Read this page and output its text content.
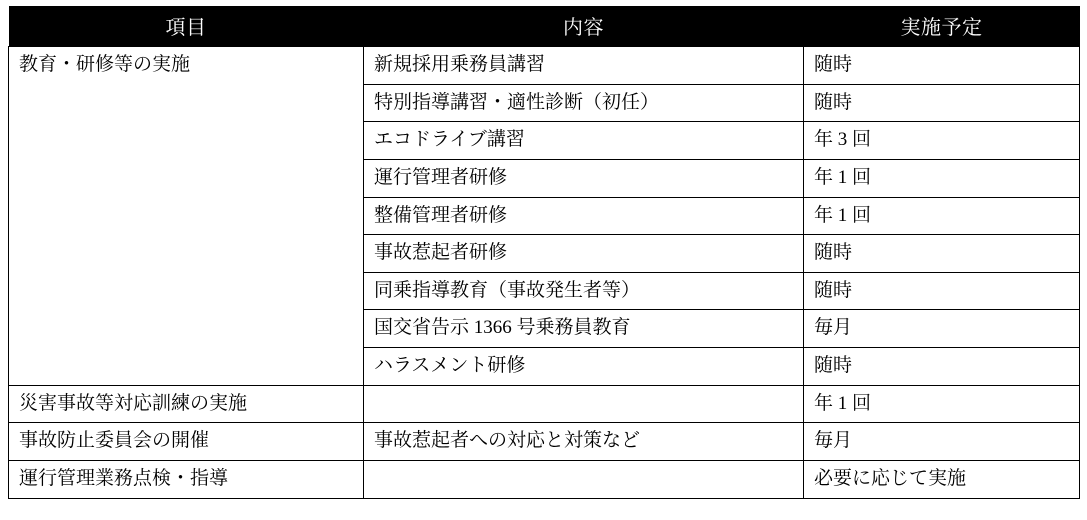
項目	内容	実施予定
教育・研修等の実施	新規採用乗務員講習	随時
	特別指導講習・適性診断（初任）	随時
	エコドライブ講習	年 3 回
	運行管理者研修	年 1 回
	整備管理者研修	年 1 回
	事故惹起者研修	随時
	同乗指導教育（事故発生者等）	随時
	国交省告示 1366 号乗務員教育	毎月
	ハラスメント研修	随時
災害事故等対応訓練の実施		年 1 回
事故防止委員会の開催	事故惹起者への対応と対策など	毎月
運行管理業務点検・指導		必要に応じて実施
